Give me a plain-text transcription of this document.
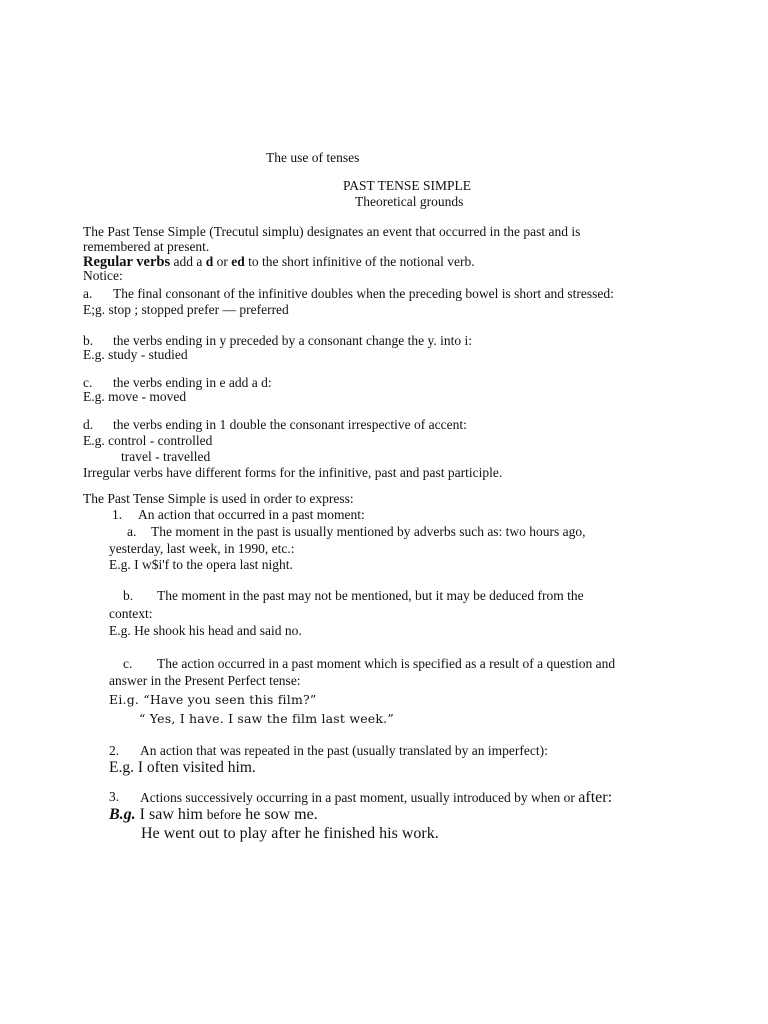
The use of tenses
PAST TENSE SIMPLE
Theoretical grounds
The Past Tense Simple (Trecutul simplu) designates an event that occurred in the past and is
remembered at present.
Regular verbs add a d or ed to the short infinitive of the notional verb.
Notice:
a. The final consonant of the infinitive doubles when the preceding bowel is short and stressed:
E;g. stop ; stopped prefer — preferred
b. the verbs ending in y preceded by a consonant change the y. into i:
E.g. study - studied
c. the verbs ending in e add a d:
E.g. move - moved
d. the verbs ending in 1 double the consonant irrespective of accent:
E.g. control - controlled
travel - travelled
Irregular verbs have different forms for the infinitive, past and past participle.
The Past Tense Simple is used in order to express:
1. An action that occurred in a past moment:
a. The moment in the past is usually mentioned by adverbs such as: two hours ago,
yesterday, last week, in 1990, etc.:
E.g. I w$i'f to the opera last night.
b. The moment in the past may not be mentioned, but it may be deduced from the
context:
E.g. He shook his head and said no.
c. The action occurred in a past moment which is specified as a result of a question and
answer in the Present Perfect tense:
Ei.g. “Have you seen this film?”
“ Yes, I have. I saw the film last week.”
2. An action that was repeated in the past (usually translated by an imperfect):
E.g. I often visited him.
3. Actions successively occurring in a past moment, usually introduced by when or after:
B.g. I saw him before he sow me.
He went out to play after he finished his work.
